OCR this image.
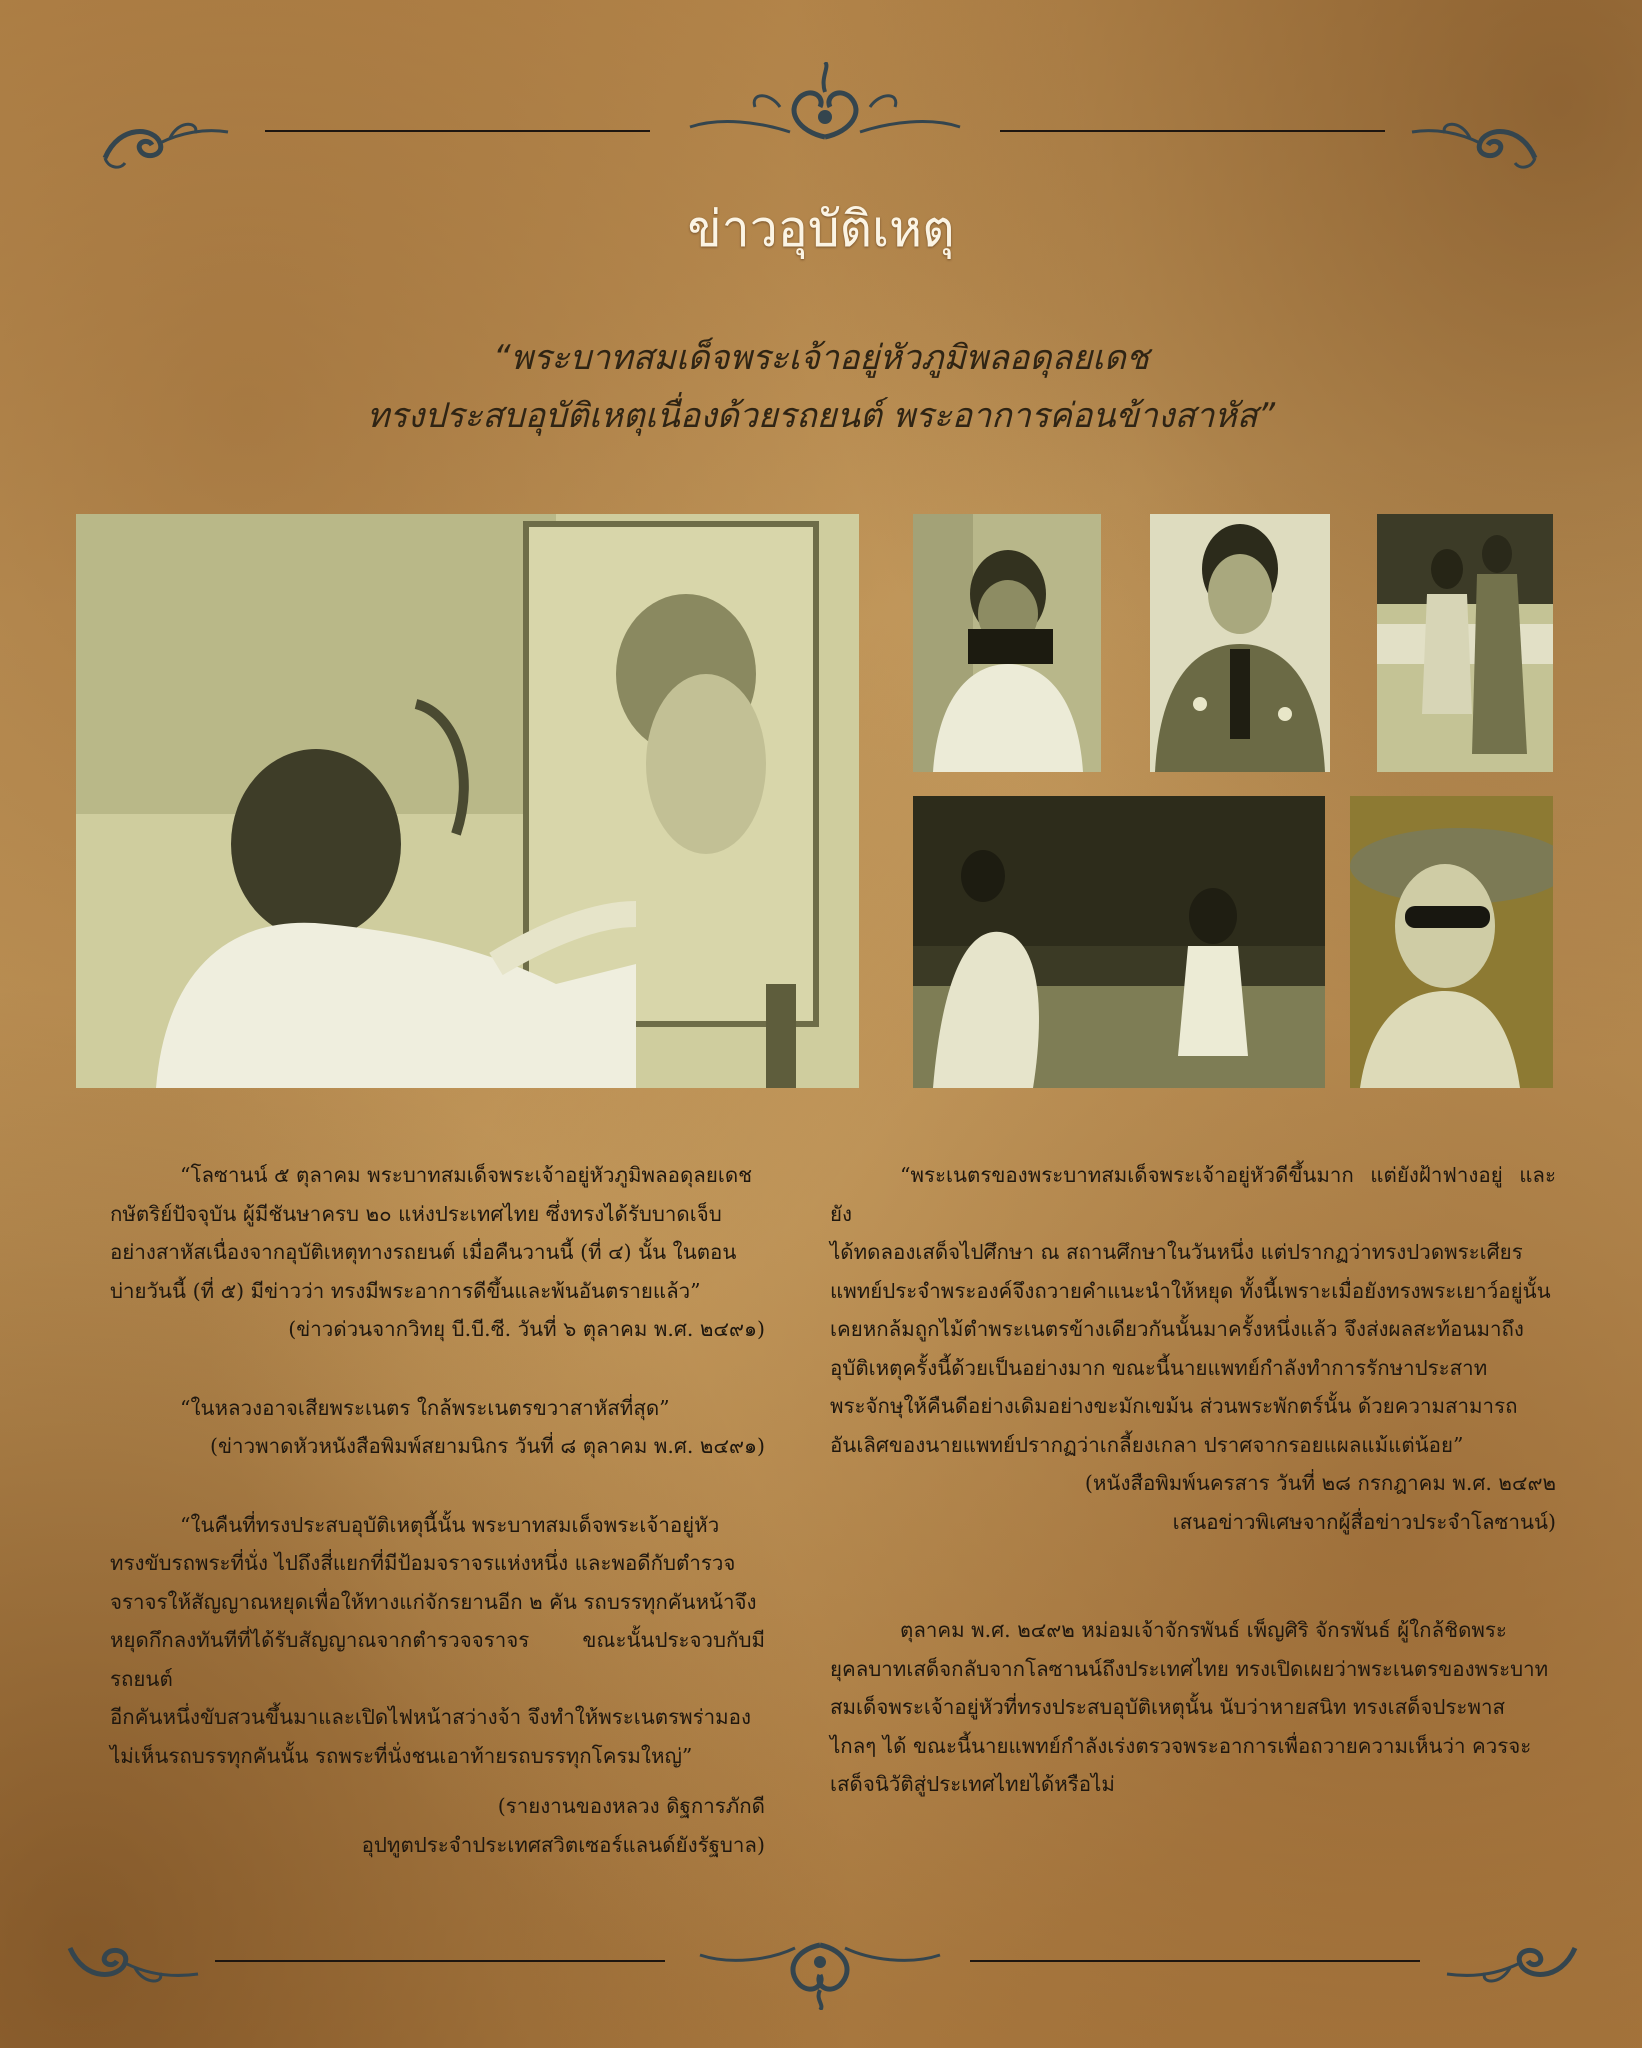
ข่าวอุบัติเหตุ
“พระบาทสมเด็จพระเจ้าอยู่หัวภูมิพลอดุลยเดช
ทรงประสบอุบัติเหตุเนื่องด้วยรถยนต์ พระอาการค่อนข้างสาหัส”

“โลซานน์ ๕ ตุลาคม พระบาทสมเด็จพระเจ้าอยู่หัวภูมิพลอดุลยเดช

กษัตริย์ปัจจุบัน ผู้มีชันษาครบ ๒๐ แห่งประเทศไทย ซึ่งทรงได้รับบาดเจ็บ

อย่างสาหัสเนื่องจากอุบัติเหตุทางรถยนต์ เมื่อคืนวานนี้ (ที่ ๔) นั้น ในตอน

บ่ายวันนี้ (ที่ ๕) มีข่าวว่า ทรงมีพระอาการดีขึ้นและพ้นอันตรายแล้ว”

(ข่าวด่วนจากวิทยุ บี.บี.ซี. วันที่ ๖ ตุลาคม พ.ศ. ๒๔๙๑)

“ในหลวงอาจเสียพระเนตร ใกล้พระเนตรขวาสาหัสที่สุด”

(ข่าวพาดหัวหนังสือพิมพ์สยามนิกร วันที่ ๘ ตุลาคม พ.ศ. ๒๔๙๑)

“ในคืนที่ทรงประสบอุบัติเหตุนี้นั้น พระบาทสมเด็จพระเจ้าอยู่หัว

ทรงขับรถพระที่นั่ง ไปถึงสี่แยกที่มีป้อมจราจรแห่งหนึ่ง และพอดีกับตำรวจ

จราจรให้สัญญาณหยุดเพื่อให้ทางแก่จักรยานอีก ๒ คัน รถบรรทุกคันหน้าจึง

หยุดกึกลงทันทีที่ได้รับสัญญาณจากตำรวจจราจร ขณะนั้นประจวบกับมีรถยนต์

อีกคันหนึ่งขับสวนขึ้นมาและเปิดไฟหน้าสว่างจ้า จึงทำให้พระเนตรพร่ามอง

ไม่เห็นรถบรรทุกคันนั้น รถพระที่นั่งชนเอาท้ายรถบรรทุกโครมใหญ่”

(รายงานของหลวง ดิฐการภักดี

อุปทูตประจำประเทศสวิตเซอร์แลนด์ยังรัฐบาล)

“พระเนตรของพระบาทสมเด็จพระเจ้าอยู่หัวดีขึ้นมาก แต่ยังฝ้าฟางอยู่ และยัง

ได้ทดลองเสด็จไปศึกษา ณ สถานศึกษาในวันหนึ่ง แต่ปรากฏว่าทรงปวดพระเศียร

แพทย์ประจำพระองค์จึงถวายคำแนะนำให้หยุด ทั้งนี้เพราะเมื่อยังทรงพระเยาว์อยู่นั้น

เคยหกล้มถูกไม้ตำพระเนตรข้างเดียวกันนั้นมาครั้งหนึ่งแล้ว จึงส่งผลสะท้อนมาถึง

อุบัติเหตุครั้งนี้ด้วยเป็นอย่างมาก ขณะนี้นายแพทย์กำลังทำการรักษาประสาท

พระจักษุให้คืนดีอย่างเดิมอย่างขะมักเขม้น ส่วนพระพักตร์นั้น ด้วยความสามารถ

อันเลิศของนายแพทย์ปรากฏว่าเกลี้ยงเกลา ปราศจากรอยแผลแม้แต่น้อย”

(หนังสือพิมพ์นครสาร วันที่ ๒๘ กรกฎาคม พ.ศ. ๒๔๙๒

เสนอข่าวพิเศษจากผู้สื่อข่าวประจำโลซานน์)

ตุลาคม พ.ศ. ๒๔๙๒ หม่อมเจ้าจักรพันธ์ เพ็ญศิริ จักรพันธ์ ผู้ใกล้ชิดพระ

ยุคลบาทเสด็จกลับจากโลซานน์ถึงประเทศไทย ทรงเปิดเผยว่าพระเนตรของพระบาท

สมเด็จพระเจ้าอยู่หัวที่ทรงประสบอุบัติเหตุนั้น นับว่าหายสนิท ทรงเสด็จประพาส

ไกลๆ ได้ ขณะนี้นายแพทย์กำลังเร่งตรวจพระอาการเพื่อถวายความเห็นว่า ควรจะ

เสด็จนิวัติสู่ประเทศไทยได้หรือไม่
